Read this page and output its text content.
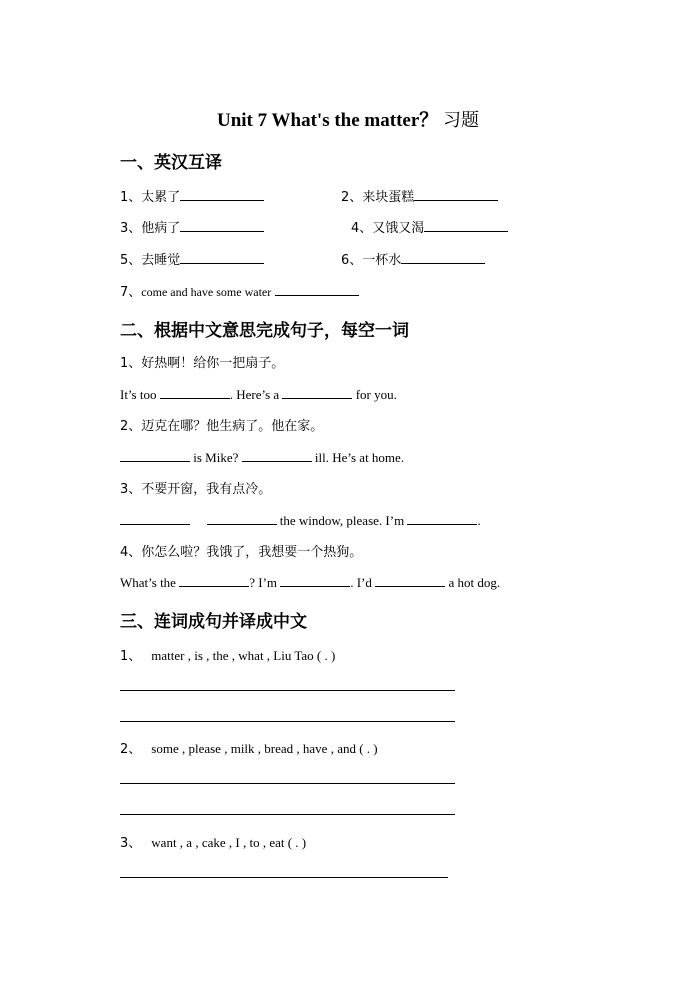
Unit 7 What's the matter？ 习题
一、英汉互译
1、太累了	2、来块蛋糕
3、他病了	4、又饿又渴
5、去睡觉	6、一杯水
7、come and have some water
二、根据中文意思完成句子，每空一词
1、好热啊！给你一把扇子。
It’s too	. Here’s a	for you.
2、迈克在哪？他生病了。他在家。
is Mike?	ill. He’s at home.
3、不要开窗，我有点冷。
the window, please. I’m	.
4、你怎么啦？我饿了，我想要一个热狗。
What’s the	? I’m	. I’d	a hot dog.
三、连词成句并译成中文
1、 matter , is , the , what , Liu Tao ( . )
2、 some , please , milk , bread , have , and ( . )
3、 want , a , cake , I , to , eat ( . )
